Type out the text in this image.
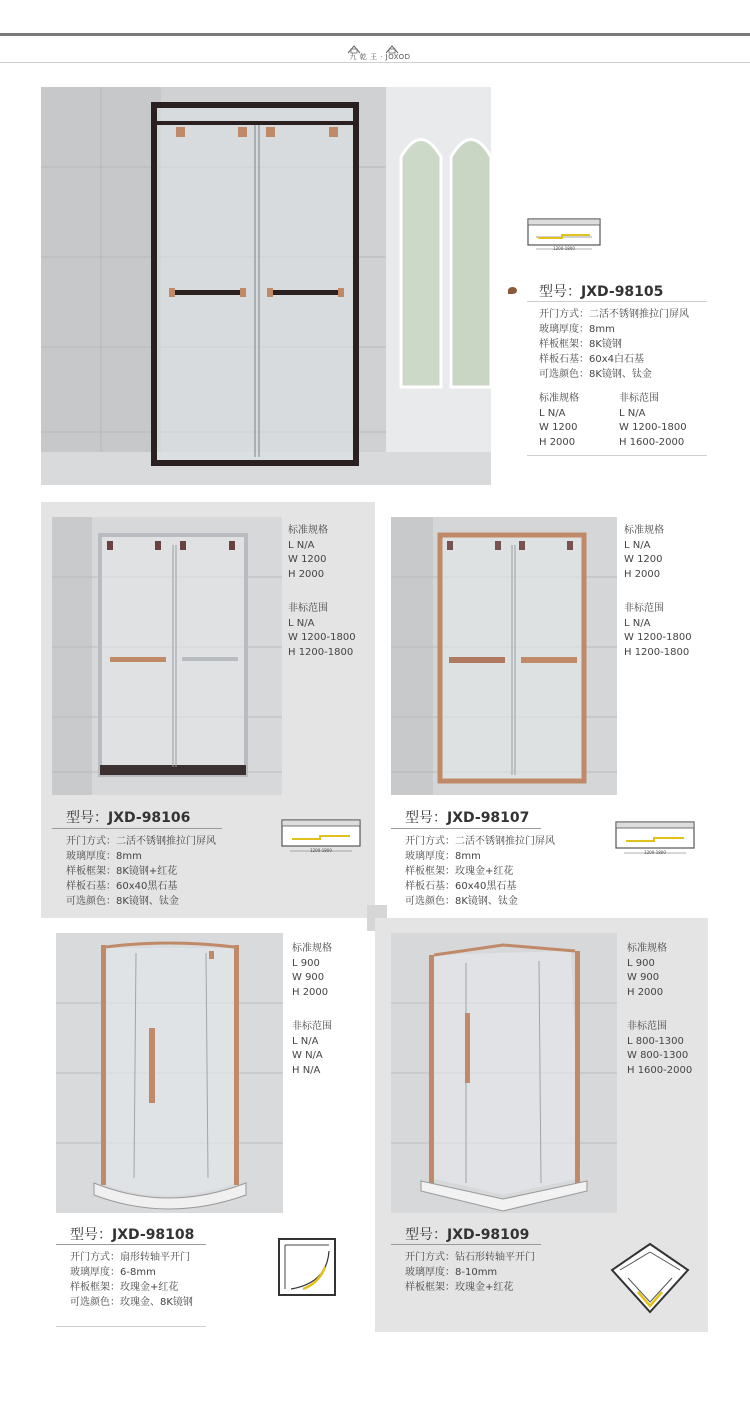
九 乾 王 · JOXOD
1200-1800
型号：JXD-98105
开门方式：二活不锈钢推拉门屏风
玻璃厚度：8mm
样板框架：8K镜钢
样板石基：60x4白石基
可选颜色：8K镜钢、钛金
标准规格
L N/A
W 1200
H 2000
非标范围
L N/A
W 1200-1800
H 1600-2000
标准规格
L N/A
W 1200
H 2000
非标范围
L N/A
W 1200-1800
H 1200-1800
型号：JXD-98106
开门方式：二活不锈钢推拉门屏风
玻璃厚度：8mm
样板框架：8K镜钢+红花
样板石基：60x40黑石基
可选颜色：8K镜钢、钛金
1200-1800
标准规格
L N/A
W 1200
H 2000
非标范围
L N/A
W 1200-1800
H 1200-1800
型号：JXD-98107
开门方式：二活不锈钢推拉门屏风
玻璃厚度：8mm
样板框架：玫瑰金+红花
样板石基：60x40黑石基
可选颜色：8K镜钢、钛金
1200-1800
标准规格
L 900
W 900
H 2000
非标范围
L N/A
W N/A
H N/A
型号：JXD-98108
开门方式：扇形转轴平开门
玻璃厚度：6-8mm
样板框架：玫瑰金+红花
可选颜色：玫瑰金、8K镜钢
标准规格
L 900
W 900
H 2000
非标范围
L 800-1300
W 800-1300
H 1600-2000
型号：JXD-98109
开门方式：钻石形转轴平开门
玻璃厚度：8-10mm
样板框架：玫瑰金+红花
